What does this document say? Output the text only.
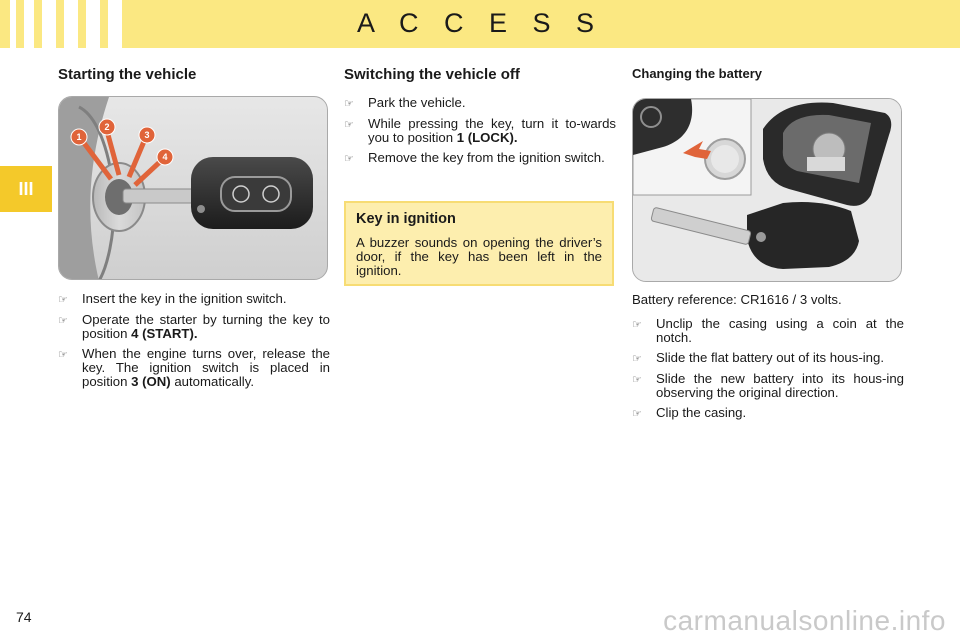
A C C E S S
III
Starting the vehicle
1
2
3
4
☞	Insert the key in the ignition switch.
☞	Operate the starter by turning the key to position 4 (START).
☞	When the engine turns over, release the key. The ignition switch is placed in position 3 (ON) automatically.
Switching the vehicle off
☞	Park the vehicle.
☞	While pressing the key, turn it to-wards you to position 1 (LOCK).
☞	Remove the key from the ignition switch.
Key in ignition

A buzzer sounds on opening the driver’s door, if the key has been left in the ignition.

Changing the battery

Battery reference: CR1616 / 3 volts.

☞	Unclip the casing using a coin at the notch.
☞	Slide the flat battery out of its hous-ing.
☞	Slide the new battery into its hous-ing observing the original direction.
☞	Clip the casing.
74	carmanualsonline.info
